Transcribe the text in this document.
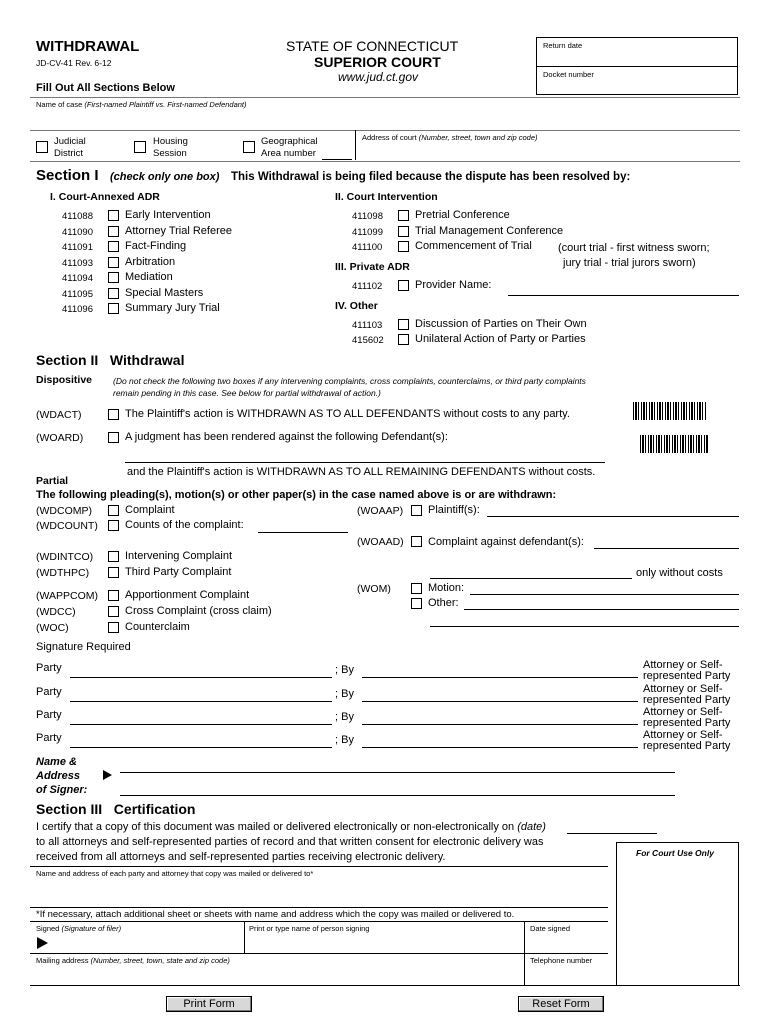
WITHDRAWAL
JD-CV-41 Rev. 6-12
Fill Out All Sections Below
STATE OF CONNECTICUT
SUPERIOR COURT
www.jud.ct.gov
Return date
Docket number
Name of case (First-named Plaintiff vs. First-named Defendant)
Judicial
District
Housing
Session
Geographical
Area number
Address of court (Number, street, town and zip code)
Section I (check only one box) This Withdrawal is being filed because the dispute has been resolved by:
I. Court-Annexed ADR
411088	Early Intervention
411090	Attorney Trial Referee
411091	Fact-Finding
411093	Arbitration
411094	Mediation
411095	Special Masters
411096	Summary Jury Trial
II. Court Intervention
411098	Pretrial Conference
411099	Trial Management Conference
411100	Commencement of Trial (court trial - first witness sworn;
jury trial - trial jurors sworn)
III. Private ADR
411102	Provider Name:
IV. Other
411103	Discussion of Parties on Their Own
415602	Unilateral Action of Party or Parties
Section II Withdrawal
Dispositive (Do not check the following two boxes if any intervening complaints, cross complaints, counterclaims, or third party complaints
remain pending in this case. See below for partial withdrawal of action.)
(WDACT)	The Plaintiff's action is WITHDRAWN AS TO ALL DEFENDANTS without costs to any party.
(WOARD)	A judgment has been rendered against the following Defendant(s):
and the Plaintiff's action is WITHDRAWN AS TO ALL REMAINING DEFENDANTS without costs.
Partial
The following pleading(s), motion(s) or other paper(s) in the case named above is or are withdrawn:
(WDCOMP)	Complaint
(WDCOUNT) Counts of the complaint:
(WDINTCO)	Intervening Complaint
(WDTHPC)	Third Party Complaint
(WAPPCOM) Apportionment Complaint
(WDCC)	Cross Complaint (cross claim)
(WOC)	Counterclaim
(WOAAP) Plaintiff(s):
(WOAAD) Complaint against defendant(s):
only without costs
(WOM)	Motion:
Other:
Signature Required
Party	; By	Attorney or Self-
represented Party
Party	; By	Attorney or Self-
represented Party
Party	; By	Attorney or Self-
represented Party
Party	; By	Attorney or Self-
represented Party
Name &
Address
of Signer:
Section III Certification
I certify that a copy of this document was mailed or delivered electronically or non-electronically on (date)
to all attorneys and self-represented parties of record and that written consent for electronic delivery was
received from all attorneys and self-represented parties receiving electronic delivery.	For Court Use Only
Name and address of each party and attorney that copy was mailed or delivered to*
*If necessary, attach additional sheet or sheets with name and address which the copy was mailed or delivered to.
Signed (Signature of filer)	Print or type name of person signing	Date signed
Mailing address (Number, street, town, state and zip code)	Telephone number
Print Form	Reset Form
